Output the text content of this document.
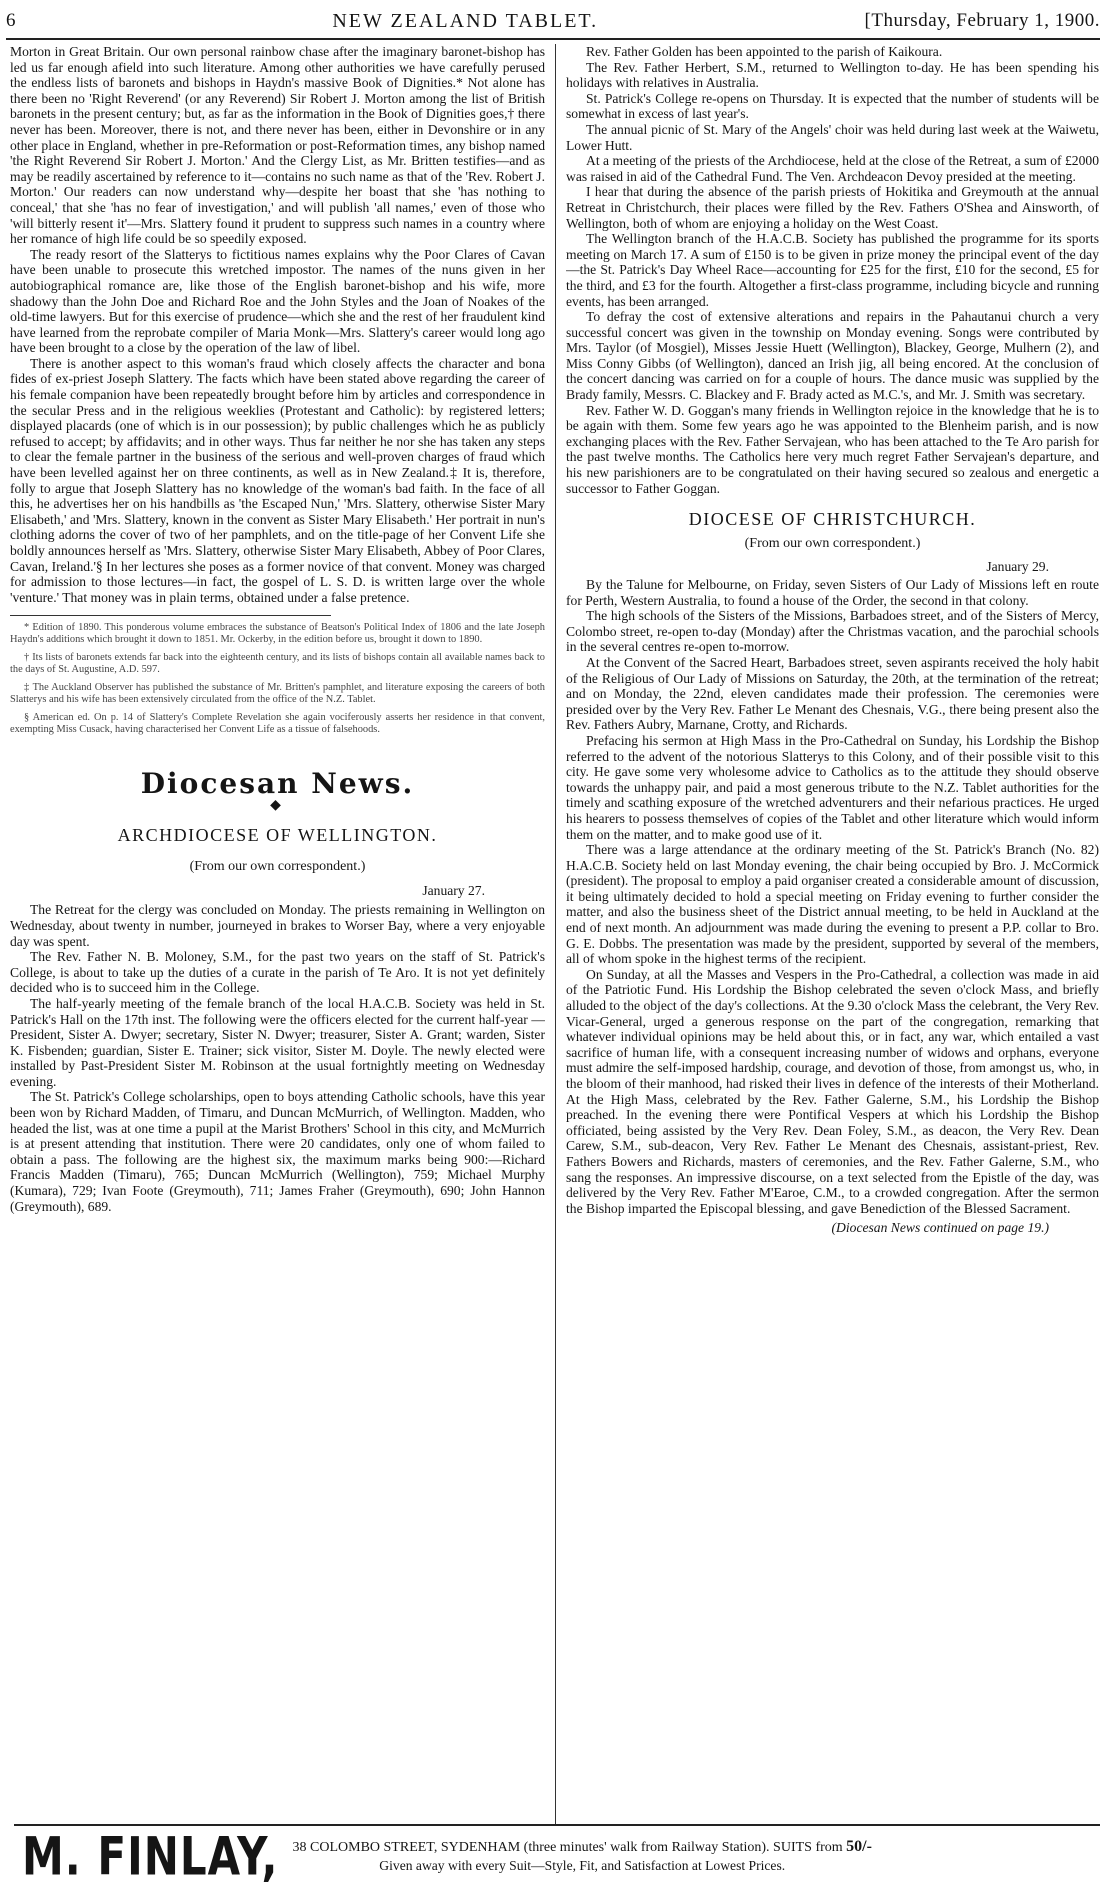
6	NEW ZEALAND TABLET.	[Thursday, February 1, 1900.

Morton in Great Britain. Our own personal rainbow chase after the imaginary baronet-bishop has led us far enough afield into such literature. Among other authorities we have carefully perused the endless lists of baronets and bishops in Haydn's massive Book of Dignities.* Not alone has there been no 'Right Reverend' (or any Reverend) Sir Robert J. Morton among the list of British baronets in the present century; but, as far as the information in the Book of Dignities goes,† there never has been. Moreover, there is not, and there never has been, either in Devonshire or in any other place in England, whether in pre-Reformation or post-Reformation times, any bishop named 'the Right Reverend Sir Robert J. Morton.' And the Clergy List, as Mr. Britten testifies—and as may be readily ascertained by reference to it—contains no such name as that of the 'Rev. Robert J. Morton.' Our readers can now understand why—despite her boast that she 'has nothing to conceal,' that she 'has no fear of investigation,' and will publish 'all names,' even of those who 'will bitterly resent it'—Mrs. Slattery found it prudent to suppress such names in a country where her romance of high life could be so speedily exposed.

The ready resort of the Slatterys to fictitious names explains why the Poor Clares of Cavan have been unable to prosecute this wretched impostor. The names of the nuns given in her autobiographical romance are, like those of the English baronet-bishop and his wife, more shadowy than the John Doe and Richard Roe and the John Styles and the Joan of Noakes of the old-time lawyers. But for this exercise of prudence—which she and the rest of her fraudulent kind have learned from the reprobate compiler of Maria Monk—Mrs. Slattery's career would long ago have been brought to a close by the operation of the law of libel.

There is another aspect to this woman's fraud which closely affects the character and bona fides of ex-priest Joseph Slattery. The facts which have been stated above regarding the career of his female companion have been repeatedly brought before him by articles and correspondence in the secular Press and in the religious weeklies (Protestant and Catholic): by registered letters; displayed placards (one of which is in our possession); by public challenges which he as publicly refused to accept; by affidavits; and in other ways. Thus far neither he nor she has taken any steps to clear the female partner in the business of the serious and well-proven charges of fraud which have been levelled against her on three continents, as well as in New Zealand.‡ It is, therefore, folly to argue that Joseph Slattery has no knowledge of the woman's bad faith. In the face of all this, he advertises her on his handbills as 'the Escaped Nun,' 'Mrs. Slattery, otherwise Sister Mary Elisabeth,' and 'Mrs. Slattery, known in the convent as Sister Mary Elisabeth.' Her portrait in nun's clothing adorns the cover of two of her pamphlets, and on the title-page of her Convent Life she boldly announces herself as 'Mrs. Slattery, otherwise Sister Mary Elisabeth, Abbey of Poor Clares, Cavan, Ireland.'§ In her lectures she poses as a former novice of that convent. Money was charged for admission to those lectures—in fact, the gospel of L. S. D. is written large over the whole 'venture.' That money was in plain terms, obtained under a false pretence.

* Edition of 1890. This ponderous volume embraces the substance of Beatson's Political Index of 1806 and the late Joseph Haydn's additions which brought it down to 1851. Mr. Ockerby, in the edition before us, brought it down to 1890.

† Its lists of baronets extends far back into the eighteenth century, and its lists of bishops contain all available names back to the days of St. Augustine, A.D. 597.

‡ The Auckland Observer has published the substance of Mr. Britten's pamphlet, and literature exposing the careers of both Slatterys and his wife has been extensively circulated from the office of the N.Z. Tablet.

§ American ed. On p. 14 of Slattery's Complete Revelation she again vociferously asserts her residence in that convent, exempting Miss Cusack, having characterised her Convent Life as a tissue of falsehoods.

Diocesan News.
◆
ARCHDIOCESE OF WELLINGTON.
(From our own correspondent.)
January 27.

The Retreat for the clergy was concluded on Monday. The priests remaining in Wellington on Wednesday, about twenty in number, journeyed in brakes to Worser Bay, where a very enjoyable day was spent.

The Rev. Father N. B. Moloney, S.M., for the past two years on the staff of St. Patrick's College, is about to take up the duties of a curate in the parish of Te Aro. It is not yet definitely decided who is to succeed him in the College.

The half-yearly meeting of the female branch of the local H.A.C.B. Society was held in St. Patrick's Hall on the 17th inst. The following were the officers elected for the current half-year — President, Sister A. Dwyer; secretary, Sister N. Dwyer; treasurer, Sister A. Grant; warden, Sister K. Fisbenden; guardian, Sister E. Trainer; sick visitor, Sister M. Doyle. The newly elected were installed by Past-President Sister M. Robinson at the usual fortnightly meeting on Wednesday evening.

The St. Patrick's College scholarships, open to boys attending Catholic schools, have this year been won by Richard Madden, of Timaru, and Duncan McMurrich, of Wellington. Madden, who headed the list, was at one time a pupil at the Marist Brothers' School in this city, and McMurrich is at present attending that institution. There were 20 candidates, only one of whom failed to obtain a pass. The following are the highest six, the maximum marks being 900:—Richard Francis Madden (Timaru), 765; Duncan McMurrich (Wellington), 759; Michael Murphy (Kumara), 729; Ivan Foote (Greymouth), 711; James Fraher (Greymouth), 690; John Hannon (Greymouth), 689.

Rev. Father Golden has been appointed to the parish of Kaikoura.

The Rev. Father Herbert, S.M., returned to Wellington to-day. He has been spending his holidays with relatives in Australia.

St. Patrick's College re-opens on Thursday. It is expected that the number of students will be somewhat in excess of last year's.

The annual picnic of St. Mary of the Angels' choir was held during last week at the Waiwetu, Lower Hutt.

At a meeting of the priests of the Archdiocese, held at the close of the Retreat, a sum of £2000 was raised in aid of the Cathedral Fund. The Ven. Archdeacon Devoy presided at the meeting.

I hear that during the absence of the parish priests of Hokitika and Greymouth at the annual Retreat in Christchurch, their places were filled by the Rev. Fathers O'Shea and Ainsworth, of Wellington, both of whom are enjoying a holiday on the West Coast.

The Wellington branch of the H.A.C.B. Society has published the programme for its sports meeting on March 17. A sum of £150 is to be given in prize money the principal event of the day—the St. Patrick's Day Wheel Race—accounting for £25 for the first, £10 for the second, £5 for the third, and £3 for the fourth. Altogether a first-class programme, including bicycle and running events, has been arranged.

To defray the cost of extensive alterations and repairs in the Pahautanui church a very successful concert was given in the township on Monday evening. Songs were contributed by Mrs. Taylor (of Mosgiel), Misses Jessie Huett (Wellington), Blackey, George, Mulhern (2), and Miss Conny Gibbs (of Wellington), danced an Irish jig, all being encored. At the conclusion of the concert dancing was carried on for a couple of hours. The dance music was supplied by the Brady family, Messrs. C. Blackey and F. Brady acted as M.C.'s, and Mr. J. Smith was secretary.

Rev. Father W. D. Goggan's many friends in Wellington rejoice in the knowledge that he is to be again with them. Some few years ago he was appointed to the Blenheim parish, and is now exchanging places with the Rev. Father Servajean, who has been attached to the Te Aro parish for the past twelve months. The Catholics here very much regret Father Servajean's departure, and his new parishioners are to be congratulated on their having secured so zealous and energetic a successor to Father Goggan.

DIOCESE OF CHRISTCHURCH.
(From our own correspondent.)
January 29.

By the Talune for Melbourne, on Friday, seven Sisters of Our Lady of Missions left en route for Perth, Western Australia, to found a house of the Order, the second in that colony.

The high schools of the Sisters of the Missions, Barbadoes street, and of the Sisters of Mercy, Colombo street, re-open to-day (Monday) after the Christmas vacation, and the parochial schools in the several centres re-open to-morrow.

At the Convent of the Sacred Heart, Barbadoes street, seven aspirants received the holy habit of the Religious of Our Lady of Missions on Saturday, the 20th, at the termination of the retreat; and on Monday, the 22nd, eleven candidates made their profession. The ceremonies were presided over by the Very Rev. Father Le Menant des Chesnais, V.G., there being present also the Rev. Fathers Aubry, Marnane, Crotty, and Richards.

Prefacing his sermon at High Mass in the Pro-Cathedral on Sunday, his Lordship the Bishop referred to the advent of the notorious Slatterys to this Colony, and of their possible visit to this city. He gave some very wholesome advice to Catholics as to the attitude they should observe towards the unhappy pair, and paid a most generous tribute to the N.Z. Tablet authorities for the timely and scathing exposure of the wretched adventurers and their nefarious practices. He urged his hearers to possess themselves of copies of the Tablet and other literature which would inform them on the matter, and to make good use of it.

There was a large attendance at the ordinary meeting of the St. Patrick's Branch (No. 82) H.A.C.B. Society held on last Monday evening, the chair being occupied by Bro. J. McCormick (president). The proposal to employ a paid organiser created a considerable amount of discussion, it being ultimately decided to hold a special meeting on Friday evening to further consider the matter, and also the business sheet of the District annual meeting, to be held in Auckland at the end of next month. An adjournment was made during the evening to present a P.P. collar to Bro. G. E. Dobbs. The presentation was made by the president, supported by several of the members, all of whom spoke in the highest terms of the recipient.

On Sunday, at all the Masses and Vespers in the Pro-Cathedral, a collection was made in aid of the Patriotic Fund. His Lordship the Bishop celebrated the seven o'clock Mass, and briefly alluded to the object of the day's collections. At the 9.30 o'clock Mass the celebrant, the Very Rev. Vicar-General, urged a generous response on the part of the congregation, remarking that whatever individual opinions may be held about this, or in fact, any war, which entailed a vast sacrifice of human life, with a consequent increasing number of widows and orphans, everyone must admire the self-imposed hardship, courage, and devotion of those, from amongst us, who, in the bloom of their manhood, had risked their lives in defence of the interests of their Motherland. At the High Mass, celebrated by the Rev. Father Galerne, S.M., his Lordship the Bishop preached. In the evening there were Pontifical Vespers at which his Lordship the Bishop officiated, being assisted by the Very Rev. Dean Foley, S.M., as deacon, the Very Rev. Dean Carew, S.M., sub-deacon, Very Rev. Father Le Menant des Chesnais, assistant-priest, Rev. Fathers Bowers and Richards, masters of ceremonies, and the Rev. Father Galerne, S.M., who sang the responses. An impressive discourse, on a text selected from the Epistle of the day, was delivered by the Very Rev. Father M'Earoe, C.M., to a crowded congregation. After the sermon the Bishop imparted the Episcopal blessing, and gave Benediction of the Blessed Sacrament.

(Diocesan News continued on page 19.)
M. FINLAY, 38 COLOMBO STREET, SYDENHAM (three minutes' walk from Railway Station). SUITS from 50/-
Given away with every Suit—Style, Fit, and Satisfaction at Lowest Prices.
